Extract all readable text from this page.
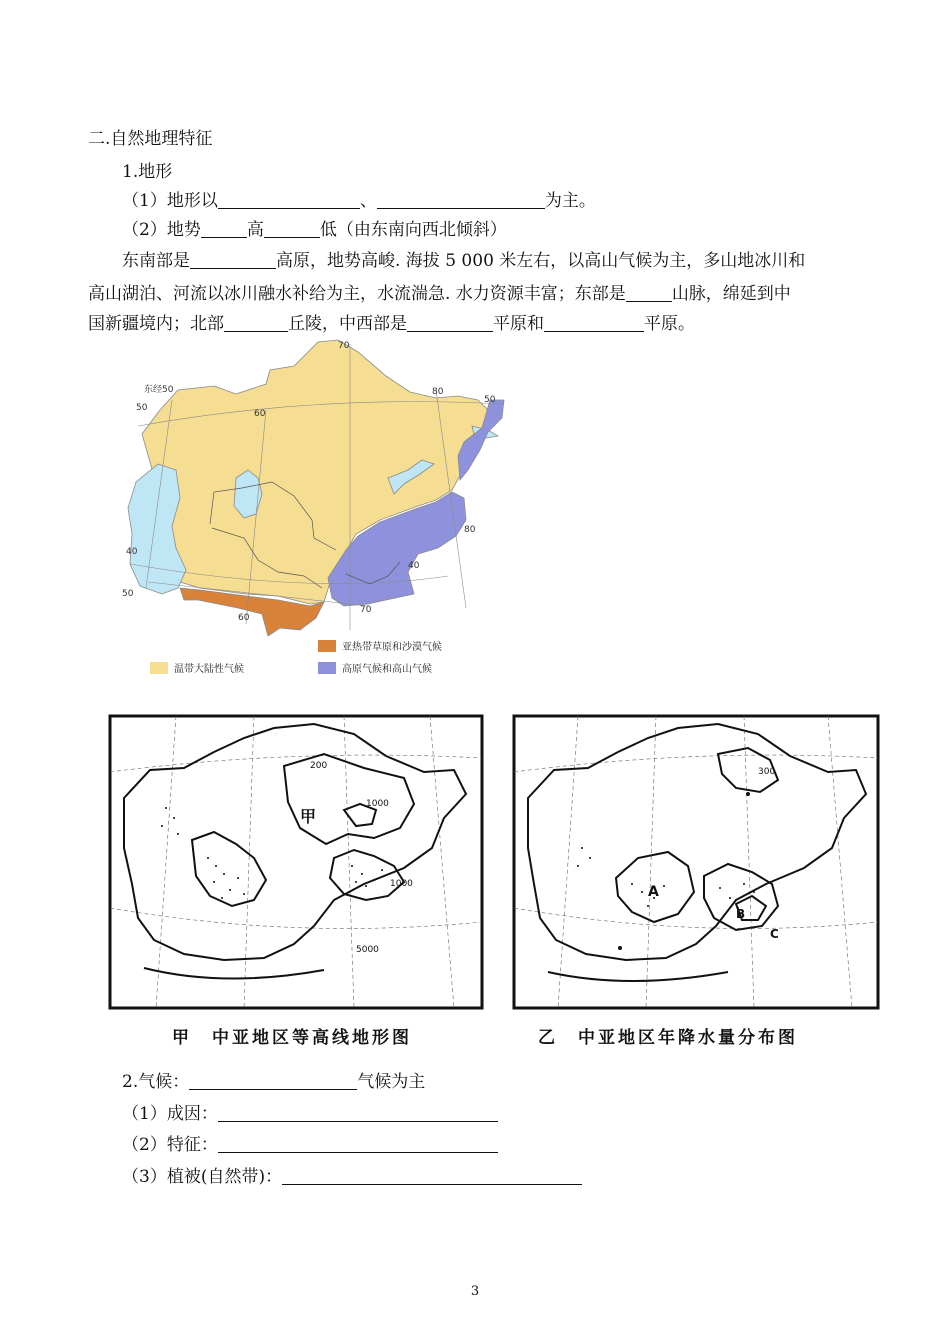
二.自然地理特征
1.地形
（1）地形以	、	为主。
（2）地势	高	低（由东南向西北倾斜）
东南部是	高原，地势高峻. 海拔 5 000 米左右，以高山气候为主，多山地冰川和
高山湖泊、河流以冰川融水补给为主，水流湍急. 水力资源丰富；东部是	山脉，绵延到中
国新疆境内；北部	丘陵，中西部是	平原和	平原。
东经50
50
60
70
80
50
80
40
50
60
40
70
亚热带草原和沙漠气候
温带大陆性气候	高原气候和高山气候
甲
200
1000
1000
5000
甲　中亚地区等高线地形图
A
B
C
300
乙　中亚地区年降水量分布图
2.气候：	气候为主
（1）成因：
（2）特征：
（3）植被(自然带)：
3
